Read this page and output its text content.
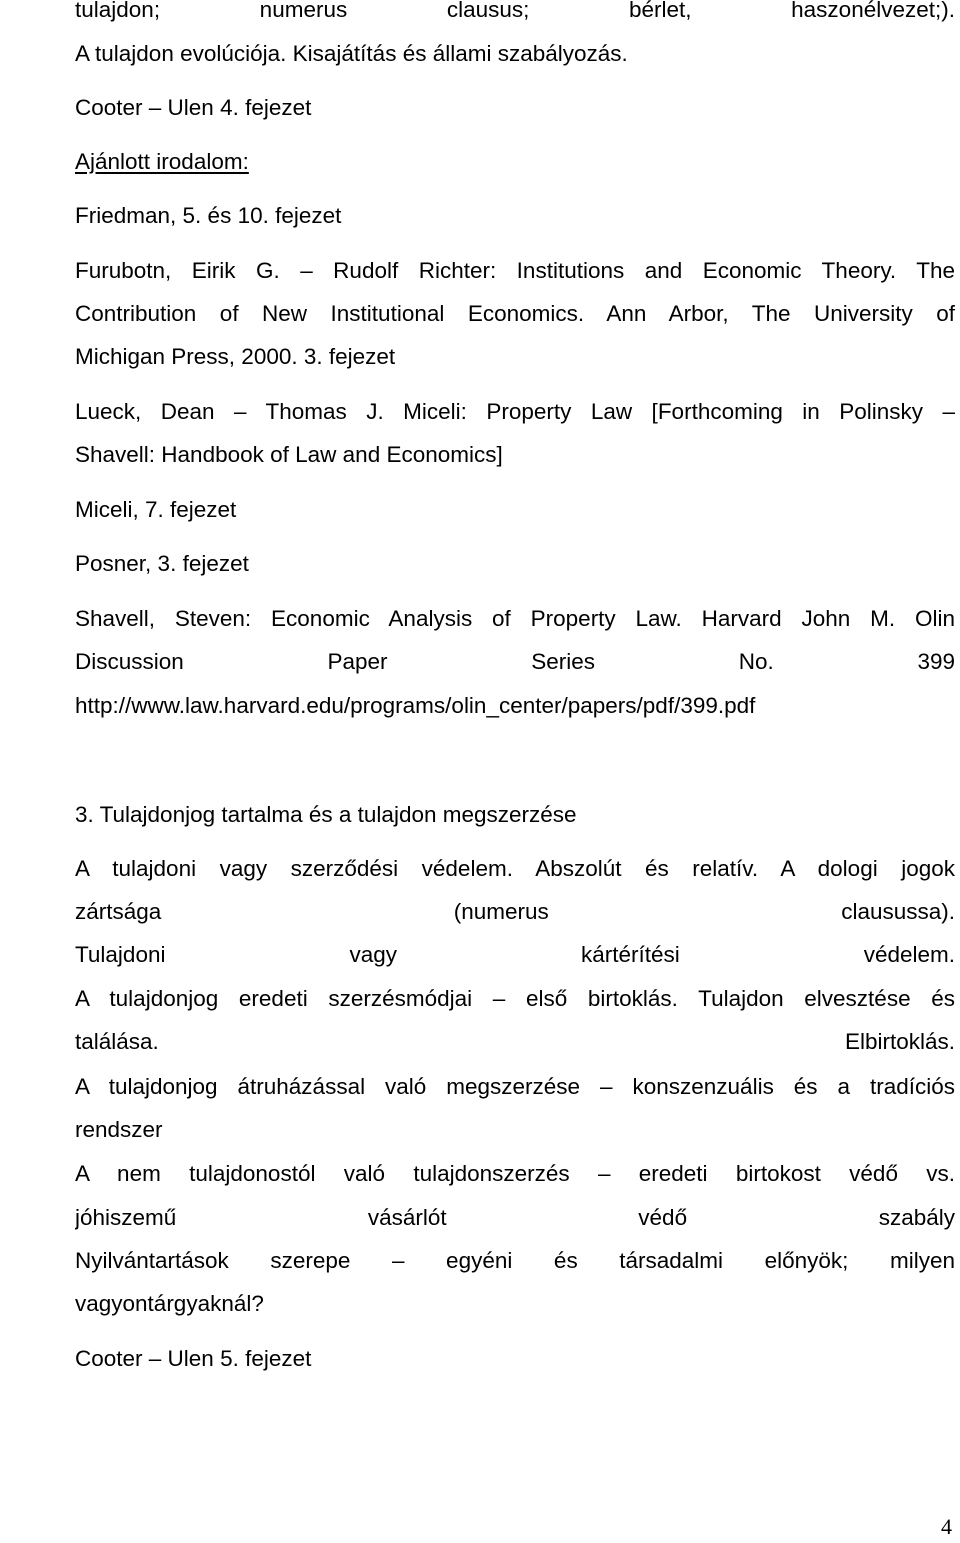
tulajdon; numerus clausus; bérlet, haszonélvezet;).
A tulajdon evolúciója. Kisajátítás és állami szabályozás.
Cooter – Ulen 4. fejezet
Ajánlott irodalom:
Friedman, 5. és 10. fejezet
Furubotn, Eirik G. – Rudolf Richter: Institutions and Economic Theory. The
Contribution of New Institutional Economics. Ann Arbor, The University of
Michigan Press, 2000. 3. fejezet
Lueck, Dean – Thomas J. Miceli: Property Law [Forthcoming in Polinsky –
Shavell: Handbook of Law and Economics]
Miceli, 7. fejezet
Posner, 3. fejezet
Shavell, Steven: Economic Analysis of Property Law. Harvard John M. Olin
Discussion Paper Series No. 399
http://www.law.harvard.edu/programs/olin_center/papers/pdf/399.pdf
3. Tulajdonjog tartalma és a tulajdon megszerzése
A tulajdoni vagy szerződési védelem. Abszolút és relatív. A dologi jogok
zártsága (numerus clausussa).
Tulajdoni vagy kártérítési védelem.
A tulajdonjog eredeti szerzésmódjai – első birtoklás. Tulajdon elvesztése és
találása. Elbirtoklás.
A tulajdonjog átruházással való megszerzése – konszenzuális és a tradíciós
rendszer
A nem tulajdonostól való tulajdonszerzés – eredeti birtokost védő vs.
jóhiszemű vásárlót védő szabály
Nyilvántartások szerepe – egyéni és társadalmi előnyök; milyen
vagyontárgyaknál?
Cooter – Ulen 5. fejezet
4
